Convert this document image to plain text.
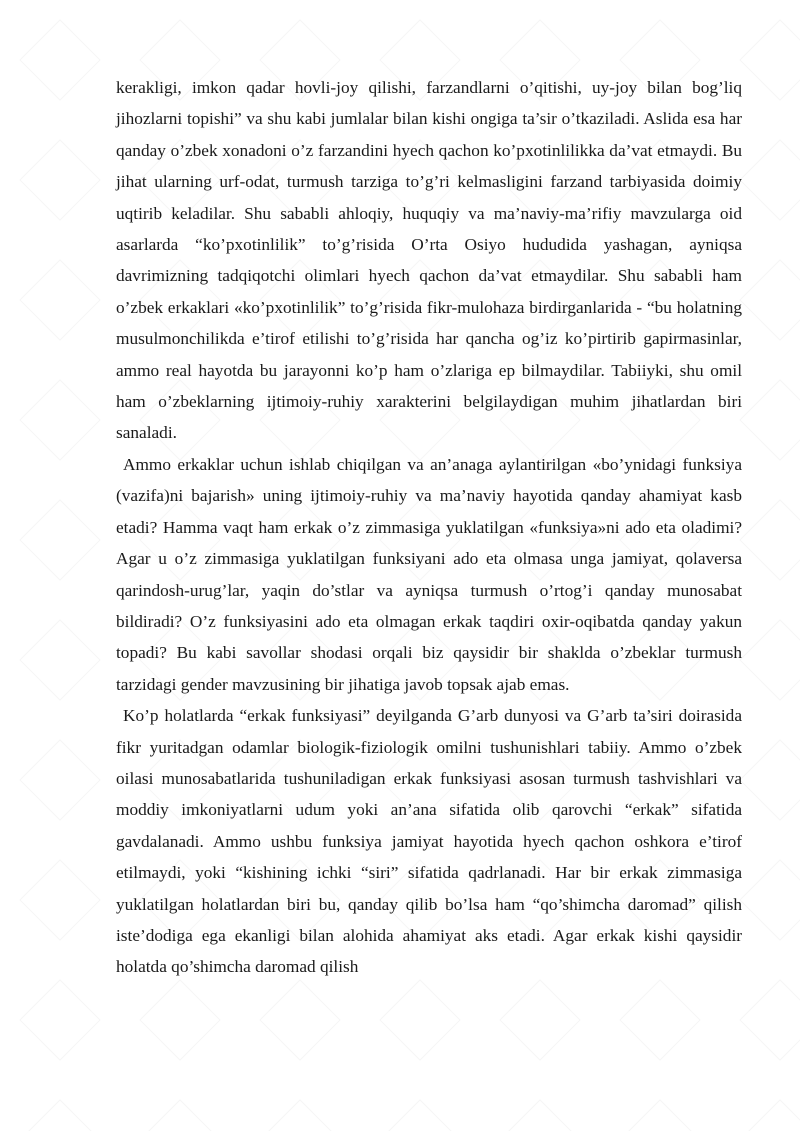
kerakligi, imkon qadar hovli-joy qilishi, farzandlarni o’qitishi, uy-joy bilan bog’liq jihozlarni topishi” va shu kabi jumlalar bilan kishi ongiga ta’sir o’tkaziladi. Aslida esa har qanday o’zbek xonadoni o’z farzandini hyech qachon ko’pxotinlilikka da’vat etmaydi. Bu jihat ularning urf-odat, turmush tarziga to’g’ri kelmasligini farzand tarbiyasida doimiy uqtirib keladilar. Shu sababli ahloqiy, huquqiy va ma’naviy-ma’rifiy mavzularga oid asarlarda “ko’pxotinlilik” to’g’risida O’rta Osiyo hududida yashagan, ayniqsa davrimizning tadqiqotchi olimlari hyech qachon da’vat etmaydilar. Shu sababli ham o’zbek erkaklari «ko’pxotinlilik” to’g’risida fikr-mulohaza birdirganlarida - “bu holatning musulmonchilikda e’tirof etilishi to’g’risida har qancha og’iz ko’pirtirib gapirmasinlar, ammo real hayotda bu jarayonni ko’p ham o’zlariga ep bilmaydilar. Tabiiyki, shu omil ham o’zbeklarning ijtimoiy-ruhiy xarakterini belgilaydigan muhim jihatlardan biri sanaladi.

Ammo erkaklar uchun ishlab chiqilgan va an’anaga aylantirilgan «bo’ynidagi funksiya (vazifa)ni bajarish» uning ijtimoiy-ruhiy va ma’naviy hayotida qanday ahamiyat kasb etadi? Hamma vaqt ham erkak o’z zimmasiga yuklatilgan «funksiya»ni ado eta oladimi? Agar u o’z zimmasiga yuklatilgan funksiyani ado eta olmasa unga jamiyat, qolaversa qarindosh-urug’lar, yaqin do’stlar va ayniqsa turmush o’rtog’i qanday munosabat bildiradi? O’z funksiyasini ado eta olmagan erkak taqdiri oxir-oqibatda qanday yakun topadi? Bu kabi savollar shodasi orqali biz qaysidir bir shaklda o’zbeklar turmush tarzidagi gender mavzusining bir jihatiga javob topsak ajab emas.

Ko’p holatlarda “erkak funksiyasi” deyilganda G’arb dunyosi va G’arb ta’siri doirasida fikr yuritadgan odamlar biologik-fiziologik omilni tushunishlari tabiiy. Ammo o’zbek oilasi munosabatlarida tushuniladigan erkak funksiyasi asosan turmush tashvishlari va moddiy imkoniyatlarni udum yoki an’ana sifatida olib qarovchi “erkak” sifatida gavdalanadi. Ammo ushbu funksiya jamiyat hayotida hyech qachon oshkora e’tirof etilmaydi, yoki “kishining ichki “siri” sifatida qadrlanadi. Har bir erkak zimmasiga yuklatilgan holatlardan biri bu, qanday qilib bo’lsa ham “qo’shimcha daromad” qilish iste’dodiga ega ekanligi bilan alohida ahamiyat aks etadi. Agar erkak kishi qaysidir holatda qo’shimcha daromad qilish
